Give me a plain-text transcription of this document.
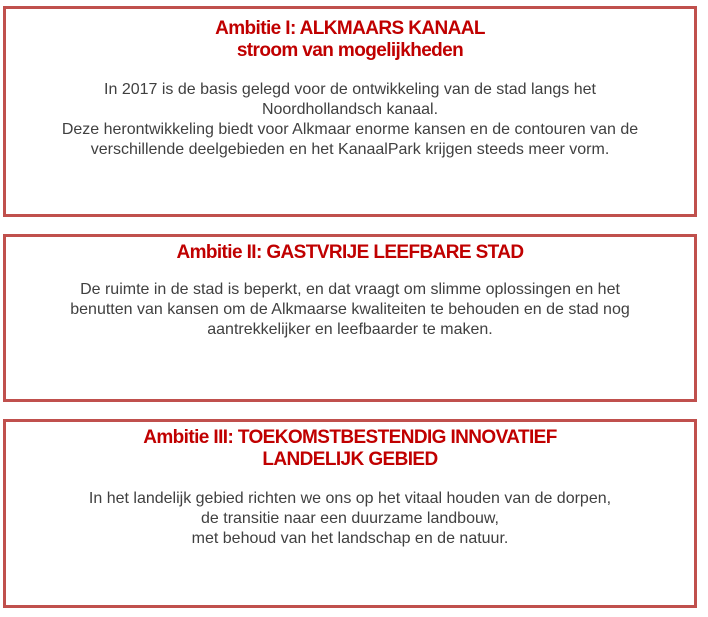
Ambitie I: ALKMAARS KANAAL
stroom van mogelijkheden

In 2017 is de basis gelegd voor de ontwikkeling van de stad langs het
Noordhollandsch kanaal.
Deze herontwikkeling biedt voor Alkmaar enorme kansen en de contouren van de
verschillende deelgebieden en het KanaalPark krijgen steeds meer vorm.

Ambitie II: GASTVRIJE LEEFBARE STAD

De ruimte in de stad is beperkt, en dat vraagt om slimme oplossingen en het
benutten van kansen om de Alkmaarse kwaliteiten te behouden en de stad nog
aantrekkelijker en leefbaarder te maken.

Ambitie III: TOEKOMSTBESTENDIG INNOVATIEF
LANDELIJK GEBIED

In het landelijk gebied richten we ons op het vitaal houden van de dorpen,
de transitie naar een duurzame landbouw,
met behoud van het landschap en de natuur.
